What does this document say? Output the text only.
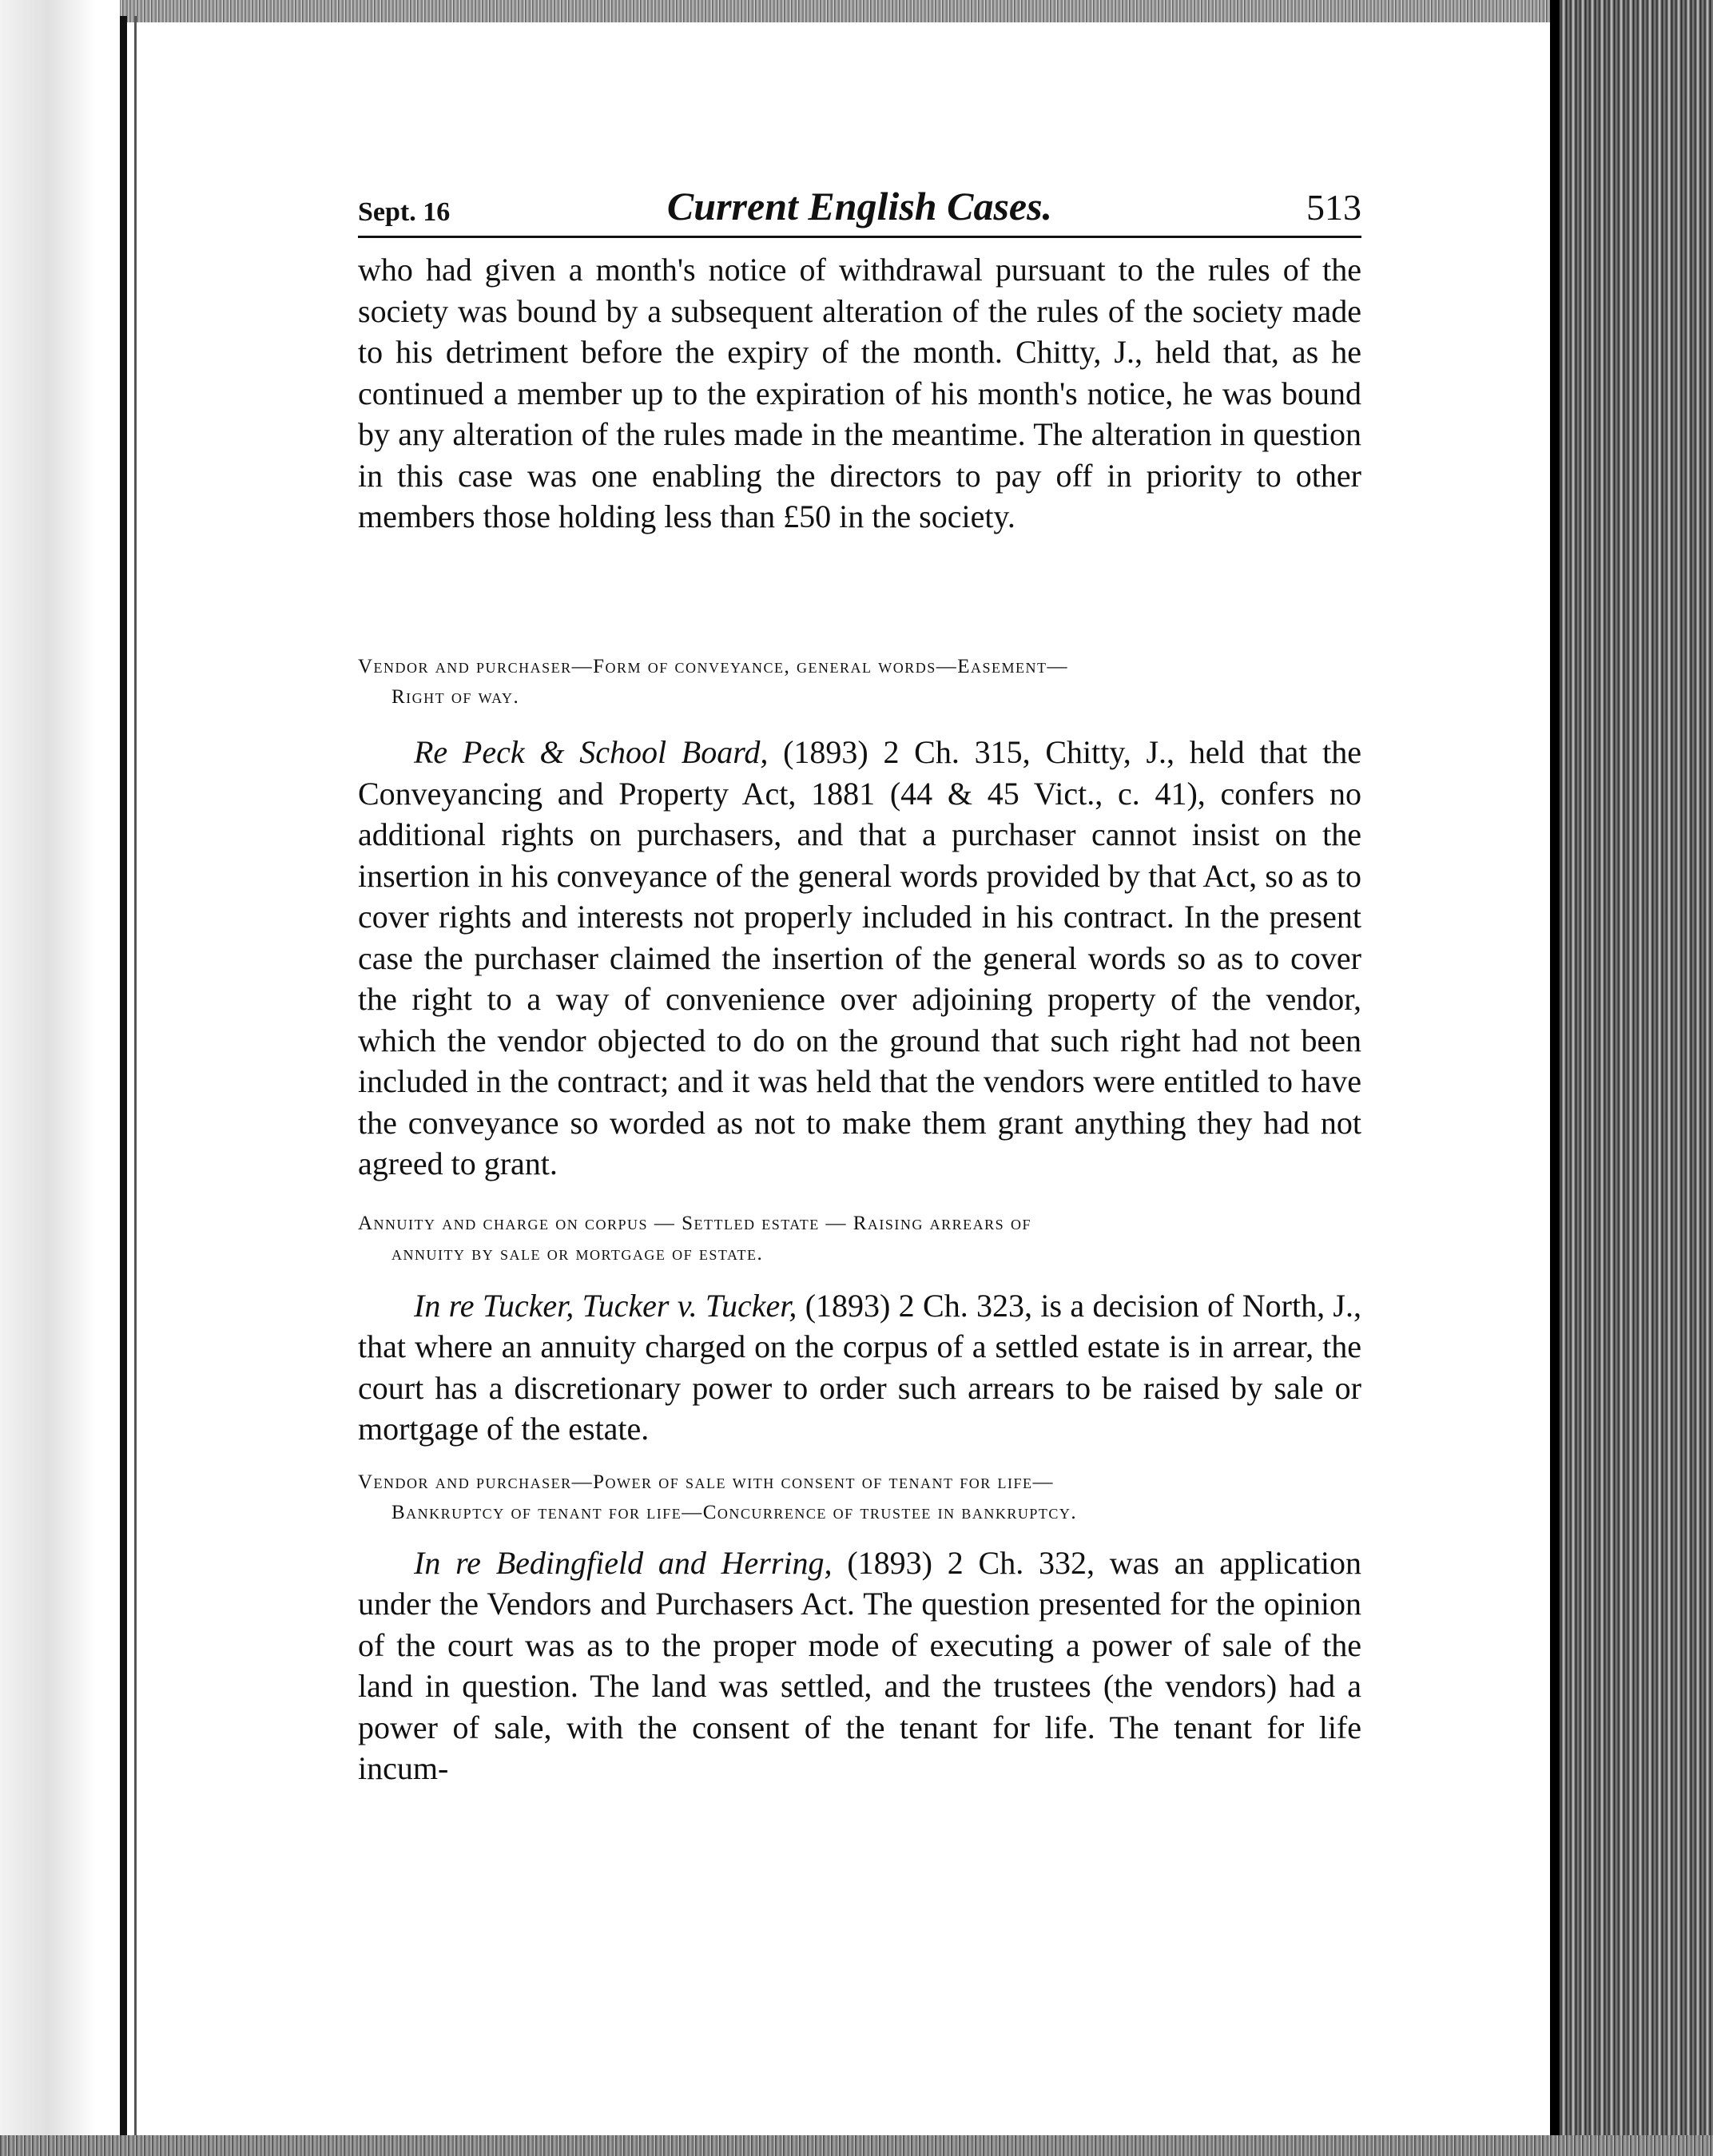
Sept. 16	Current English Cases.	513

who had given a month's notice of withdrawal pursuant to the rules of the society was bound by a subsequent alteration of the rules of the society made to his detriment before the expiry of the month. Chitty, J., held that, as he continued a member up to the expiration of his month's notice, he was bound by any alteration of the rules made in the meantime. The alteration in question in this case was one enabling the directors to pay off in priority to other members those holding less than £50 in the society.

Vendor and purchaser—Form of conveyance, general words—Easement—
Right of way.

Re Peck & School Board, (1893) 2 Ch. 315, Chitty, J., held that the Conveyancing and Property Act, 1881 (44 & 45 Vict., c. 41), confers no additional rights on purchasers, and that a purchaser cannot insist on the insertion in his conveyance of the general words provided by that Act, so as to cover rights and interests not properly included in his contract. In the present case the purchaser claimed the insertion of the general words so as to cover the right to a way of convenience over adjoining property of the vendor, which the vendor objected to do on the ground that such right had not been included in the contract; and it was held that the vendors were entitled to have the conveyance so worded as not to make them grant anything they had not agreed to grant.

Annuity and charge on corpus — Settled estate — Raising arrears of
annuity by sale or mortgage of estate.

In re Tucker, Tucker v. Tucker, (1893) 2 Ch. 323, is a decision of North, J., that where an annuity charged on the corpus of a settled estate is in arrear, the court has a discretionary power to order such arrears to be raised by sale or mortgage of the estate.

Vendor and purchaser—Power of sale with consent of tenant for life—
Bankruptcy of tenant for life—Concurrence of trustee in bankruptcy.

In re Bedingfield and Herring, (1893) 2 Ch. 332, was an application under the Vendors and Purchasers Act. The question presented for the opinion of the court was as to the proper mode of executing a power of sale of the land in question. The land was settled, and the trustees (the vendors) had a power of sale, with the consent of the tenant for life. The tenant for life incum-
